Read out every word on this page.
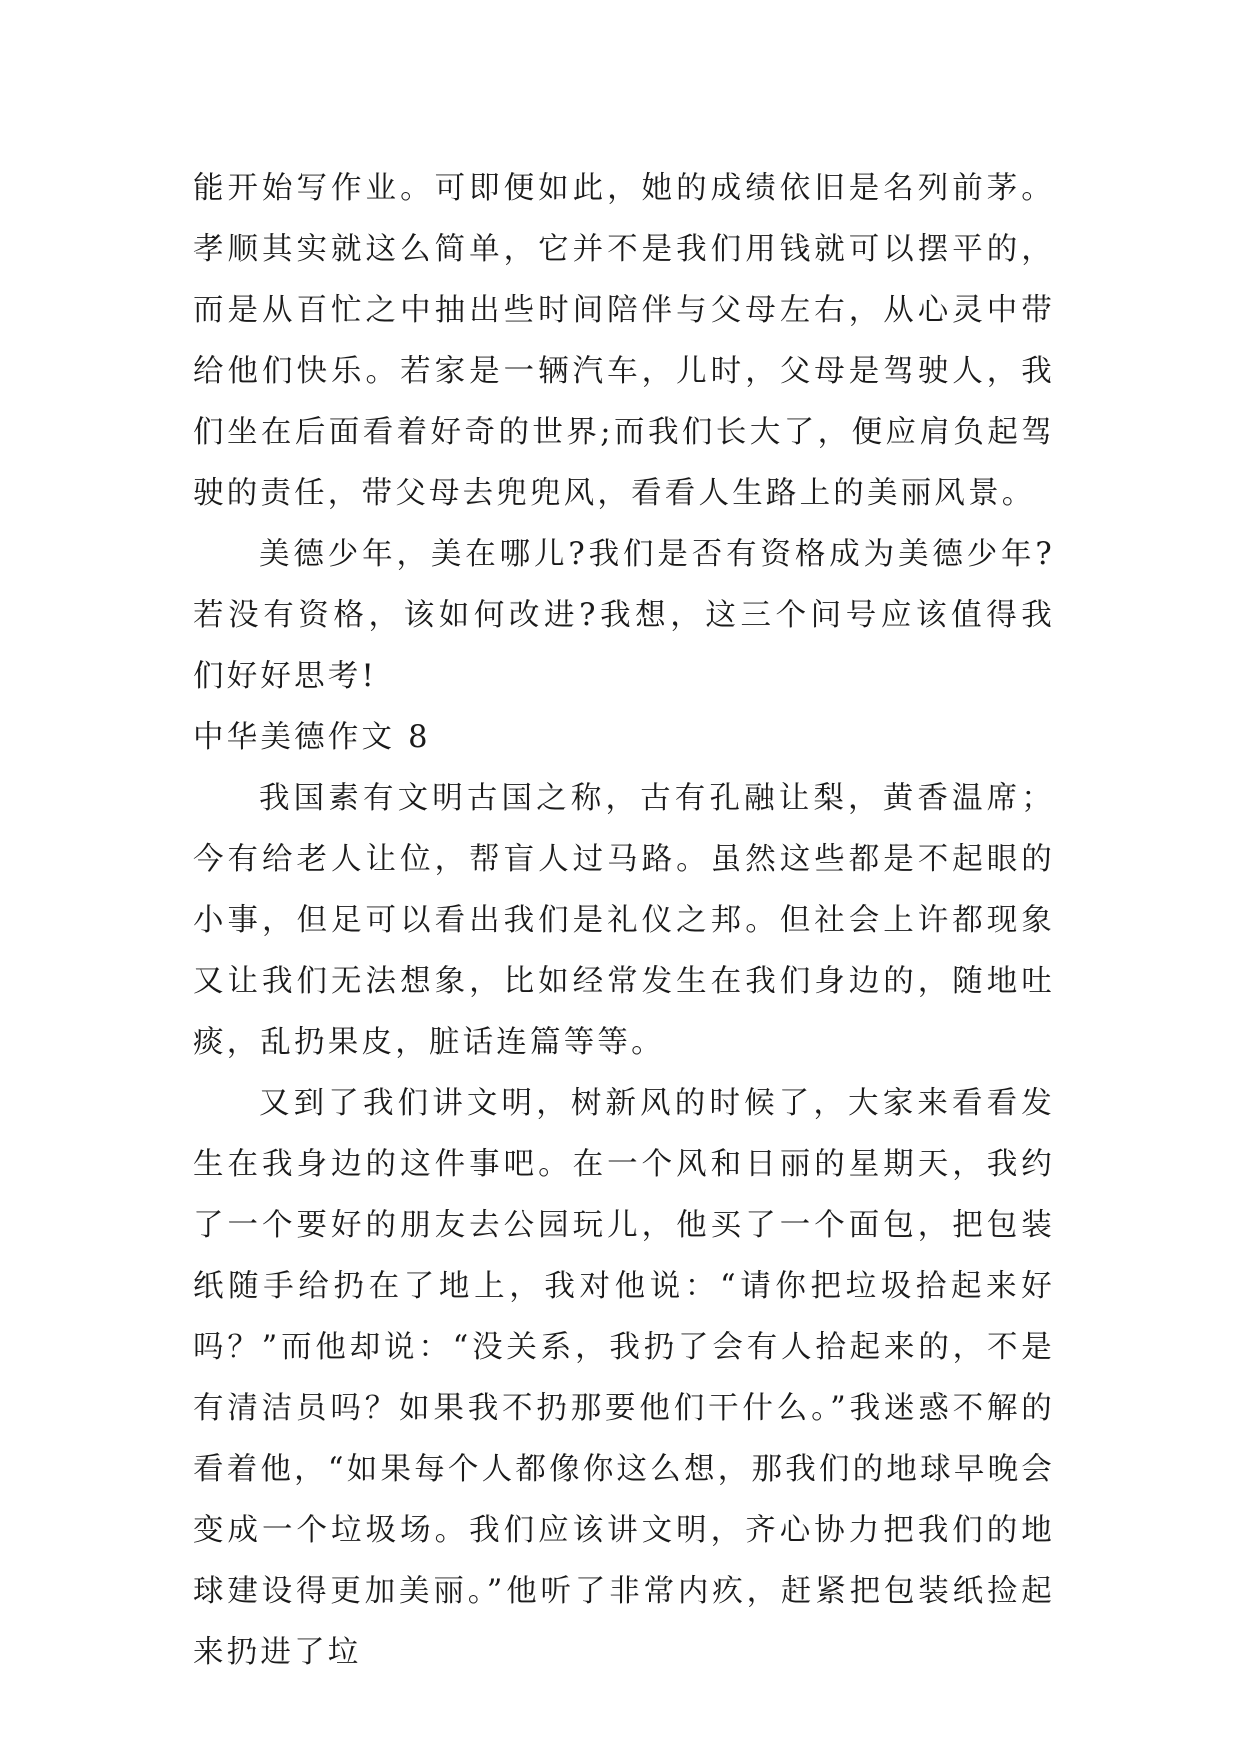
能开始写作业。可即便如此，她的成绩依旧是名列前茅。孝顺其实就这么简单，它并不是我们用钱就可以摆平的，而是从百忙之中抽出些时间陪伴与父母左右，从心灵中带给他们快乐。若家是一辆汽车，儿时，父母是驾驶人，我们坐在后面看着好奇的世界;而我们长大了，便应肩负起驾驶的责任，带父母去兜兜风，看看人生路上的美丽风景。

美德少年，美在哪儿?我们是否有资格成为美德少年?若没有资格，该如何改进?我想，这三个问号应该值得我们好好思考!

中华美德作文 8

我国素有文明古国之称，古有孔融让梨，黄香温席；今有给老人让位，帮盲人过马路。虽然这些都是不起眼的小事，但足可以看出我们是礼仪之邦。但社会上许都现象又让我们无法想象，比如经常发生在我们身边的，随地吐痰，乱扔果皮，脏话连篇等等。

又到了我们讲文明，树新风的时候了，大家来看看发生在我身边的这件事吧。在一个风和日丽的星期天，我约了一个要好的朋友去公园玩儿，他买了一个面包，把包装纸随手给扔在了地上，我对他说：“请你把垃圾拾起来好吗？”而他却说：“没关系，我扔了会有人拾起来的，不是有清洁员吗？如果我不扔那要他们干什么。”我迷惑不解的看着他，“如果每个人都像你这么想，那我们的地球早晚会变成一个垃圾场。我们应该讲文明，齐心协力把我们的地球建设得更加美丽。”他听了非常内疚，赶紧把包装纸捡起来扔进了垃
